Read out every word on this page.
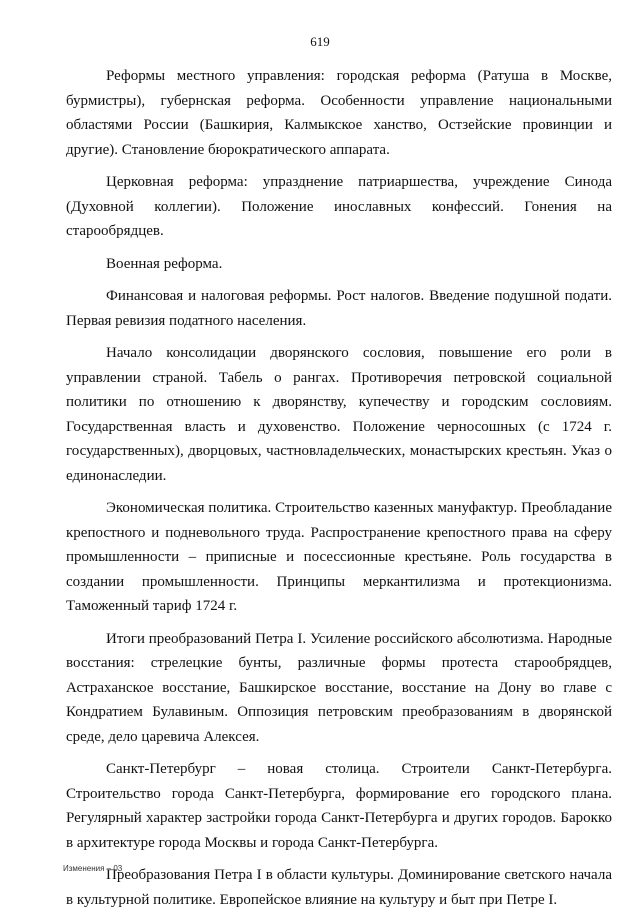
619

Реформы местного управления: городская реформа (Ратуша в Москве, бурмистры), губернская реформа. Особенности управление национальными областями России (Башкирия, Калмыкское ханство, Остзейские провинции и другие). Становление бюрократического аппарата.

Церковная реформа: упразднение патриаршества, учреждение Синода (Духовной коллегии). Положение инославных конфессий. Гонения на старообрядцев.

Военная реформа.

Финансовая и налоговая реформы. Рост налогов. Введение подушной подати. Первая ревизия податного населения.

Начало консолидации дворянского сословия, повышение его роли в управлении страной. Табель о рангах. Противоречия петровской социальной политики по отношению к дворянству, купечеству и городским сословиям. Государственная власть и духовенство. Положение черносошных (с 1724 г. государственных), дворцовых, частновладельческих, монастырских крестьян. Указ о единонаследии.

Экономическая политика. Строительство казенных мануфактур. Преобладание крепостного и подневольного труда. Распространение крепостного права на сферу промышленности – приписные и посессионные крестьяне. Роль государства в создании промышленности. Принципы меркантилизма и протекционизма. Таможенный тариф 1724 г.

Итоги преобразований Петра I. Усиление российского абсолютизма. Народные восстания: стрелецкие бунты, различные формы протеста старообрядцев, Астраханское восстание, Башкирское восстание, восстание на Дону во главе с Кондратием Булавиным. Оппозиция петровским преобразованиям в дворянской среде, дело царевича Алексея.

Санкт-Петербург – новая столица. Строители Санкт-Петербурга. Строительство города Санкт-Петербурга, формирование его городского плана. Регулярный характер застройки города Санкт-Петербурга и других городов. Барокко в архитектуре города Москвы и города Санкт-Петербурга.

Преобразования Петра I в области культуры. Доминирование светского начала в культурной политике. Европейское влияние на культуру и быт при Петре I.

Изменения – 03
